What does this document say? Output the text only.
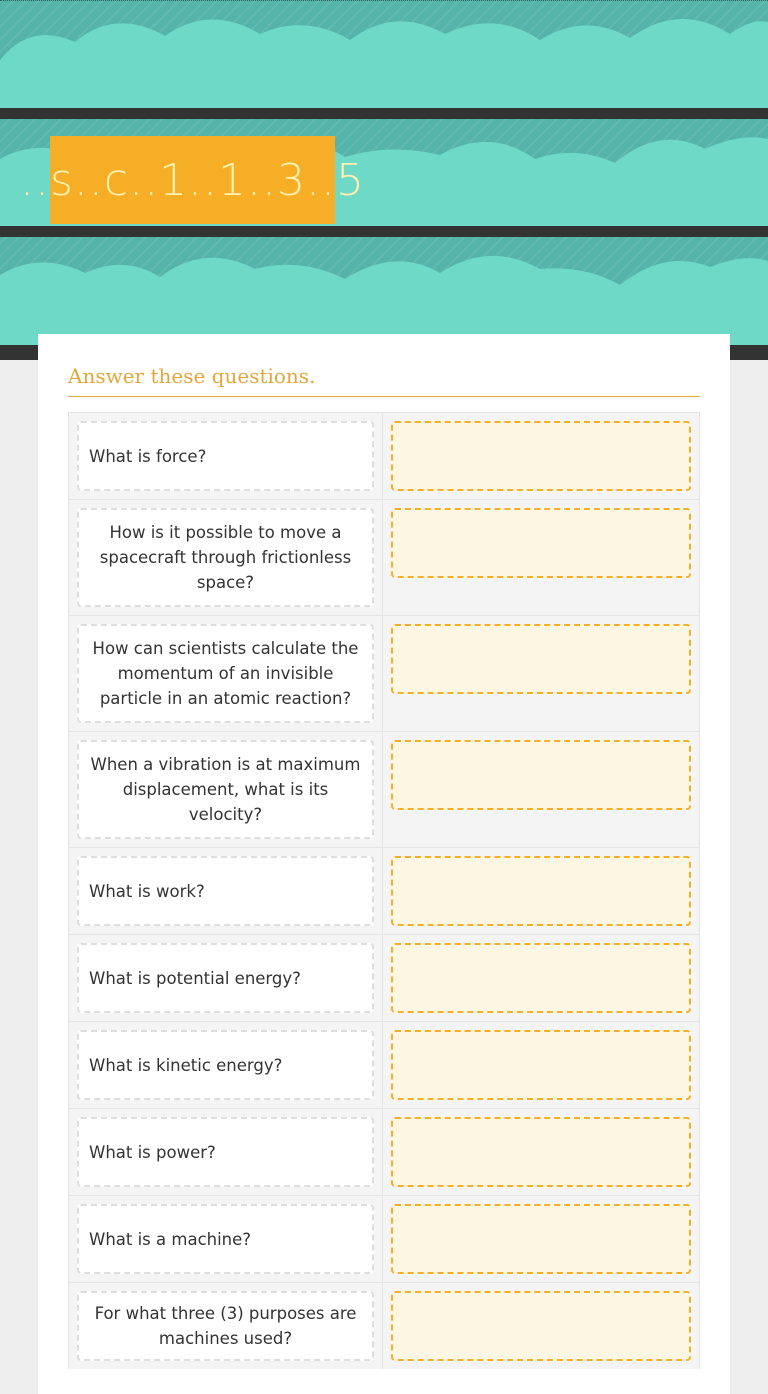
..s..c..1..1..3..5
Answer these questions.
What is force?
How is it possible to move a spacecraft through frictionless space?
How can scientists calculate the momentum of an invisible particle in an atomic reaction?
When a vibration is at maximum displacement, what is its velocity?
What is work?
What is potential energy?
What is kinetic energy?
What is power?
What is a machine?
For what three (3) purposes are machines used?
